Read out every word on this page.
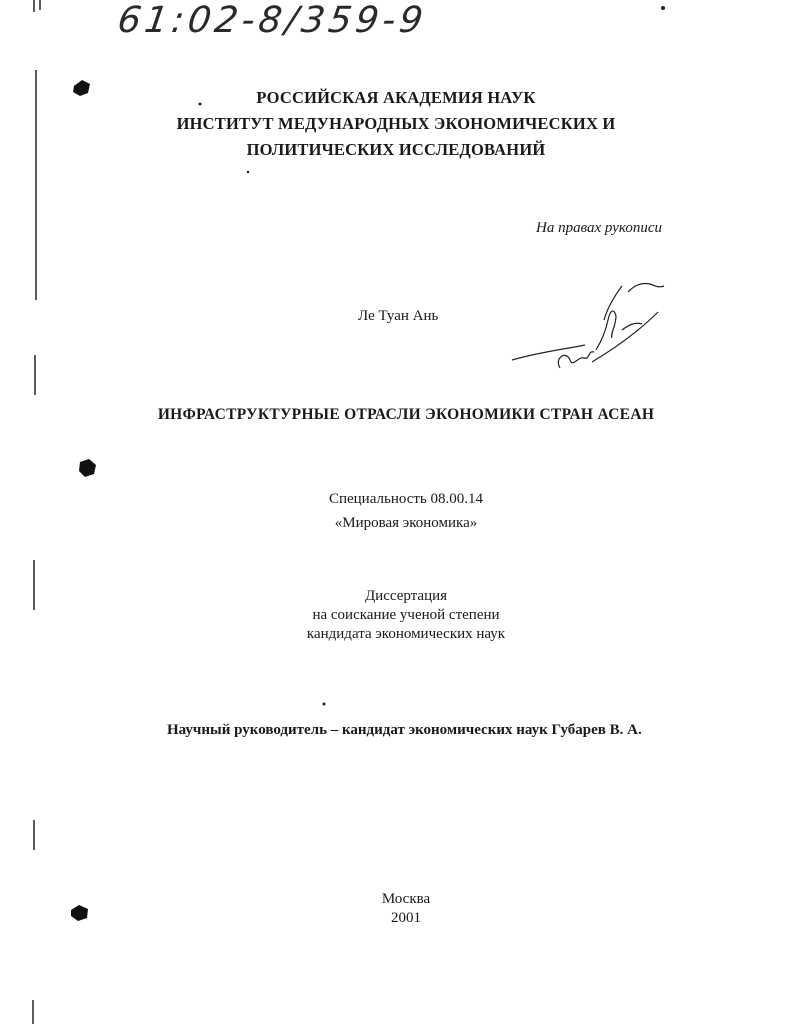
61:02-8/359-9
РОССИЙСКАЯ АКАДЕМИЯ НАУК
ИНСТИТУТ МЕДУНАРОДНЫХ ЭКОНОМИЧЕСКИХ И
ПОЛИТИЧЕСКИХ ИССЛЕДОВАНИЙ
На правах рукописи
Ле Туан Ань
ИНФРАСТРУКТУРНЫЕ ОТРАСЛИ ЭКОНОМИКИ СТРАН АСЕАН
Специальность 08.00.14
«Мировая экономика»
Диссертация
на соискание ученой степени
кандидата экономических наук
Научный руководитель – кандидат экономических наук Губарев В. А.
Москва
2001
